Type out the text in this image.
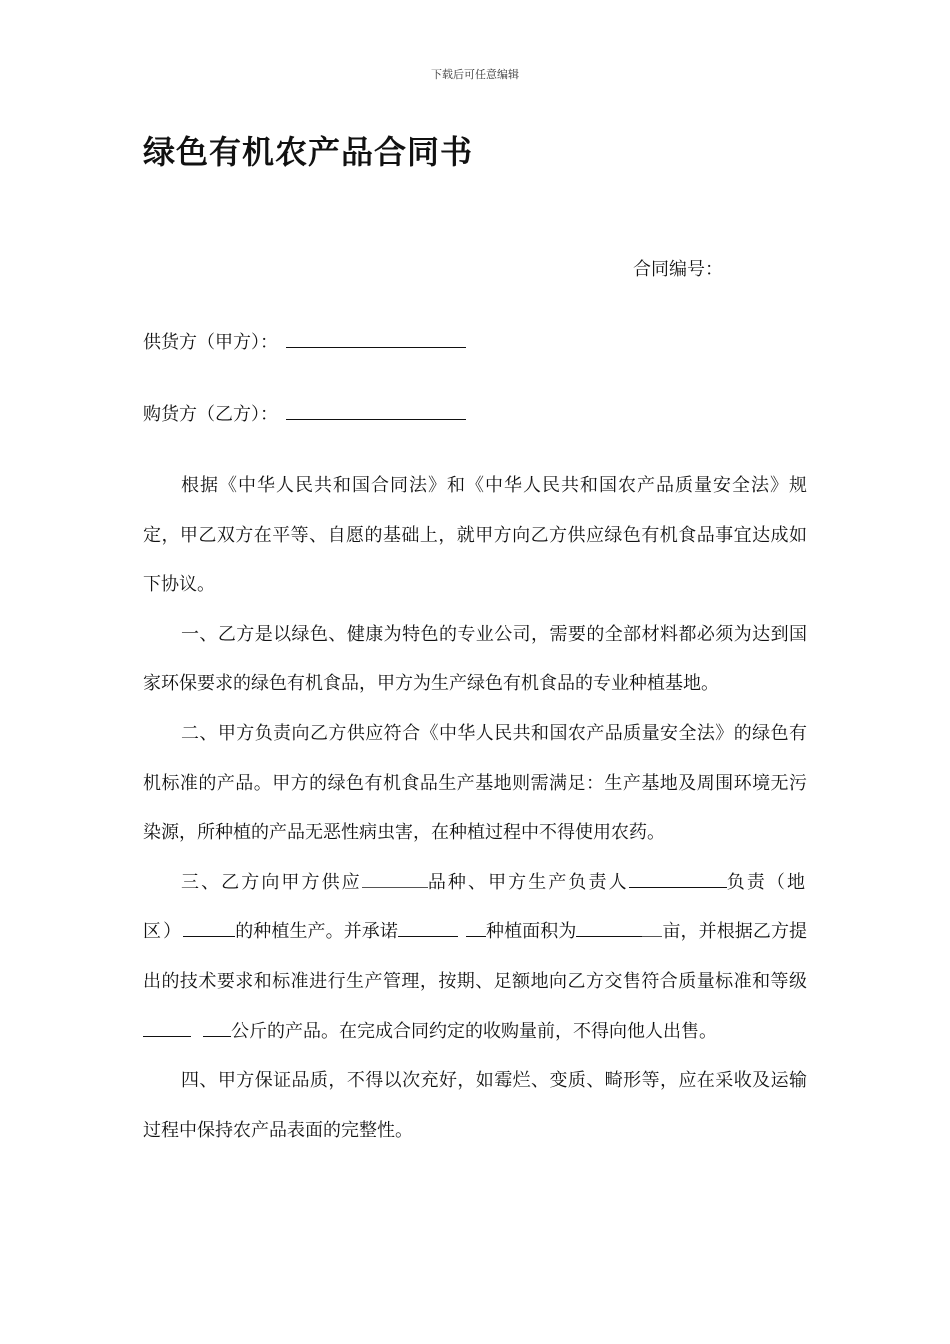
下载后可任意编辑
绿色有机农产品合同书
合同编号：
供货方（甲方）：
购货方（乙方）：

根据《中华人民共和国合同法》和《中华人民共和国农产品质量安全法》规定，甲乙双方在平等、自愿的基础上，就甲方向乙方供应绿色有机食品事宜达成如下协议。

一、乙方是以绿色、健康为特色的专业公司，需要的全部材料都必须为达到国家环保要求的绿色有机食品，甲方为生产绿色有机食品的专业种植基地。

二、甲方负责向乙方供应符合《中华人民共和国农产品质量安全法》的绿色有机标准的产品。甲方的绿色有机食品生产基地则需满足：生产基地及周围环境无污染源，所种植的产品无恶性病虫害，在种植过程中不得使用农药。

三、乙方向甲方供应	品种、甲方生产负责人	负责（地区）	的种植生产。并承诺	种植面积为	亩，并根据乙方提出的技术要求和标准进行生产管理，按期、足额地向乙方交售符合质量标准和等级公斤的产品。在完成合同约定的收购量前，不得向他人出售。

四、甲方保证品质，不得以次充好，如霉烂、变质、畸形等，应在采收及运输过程中保持农产品表面的完整性。
